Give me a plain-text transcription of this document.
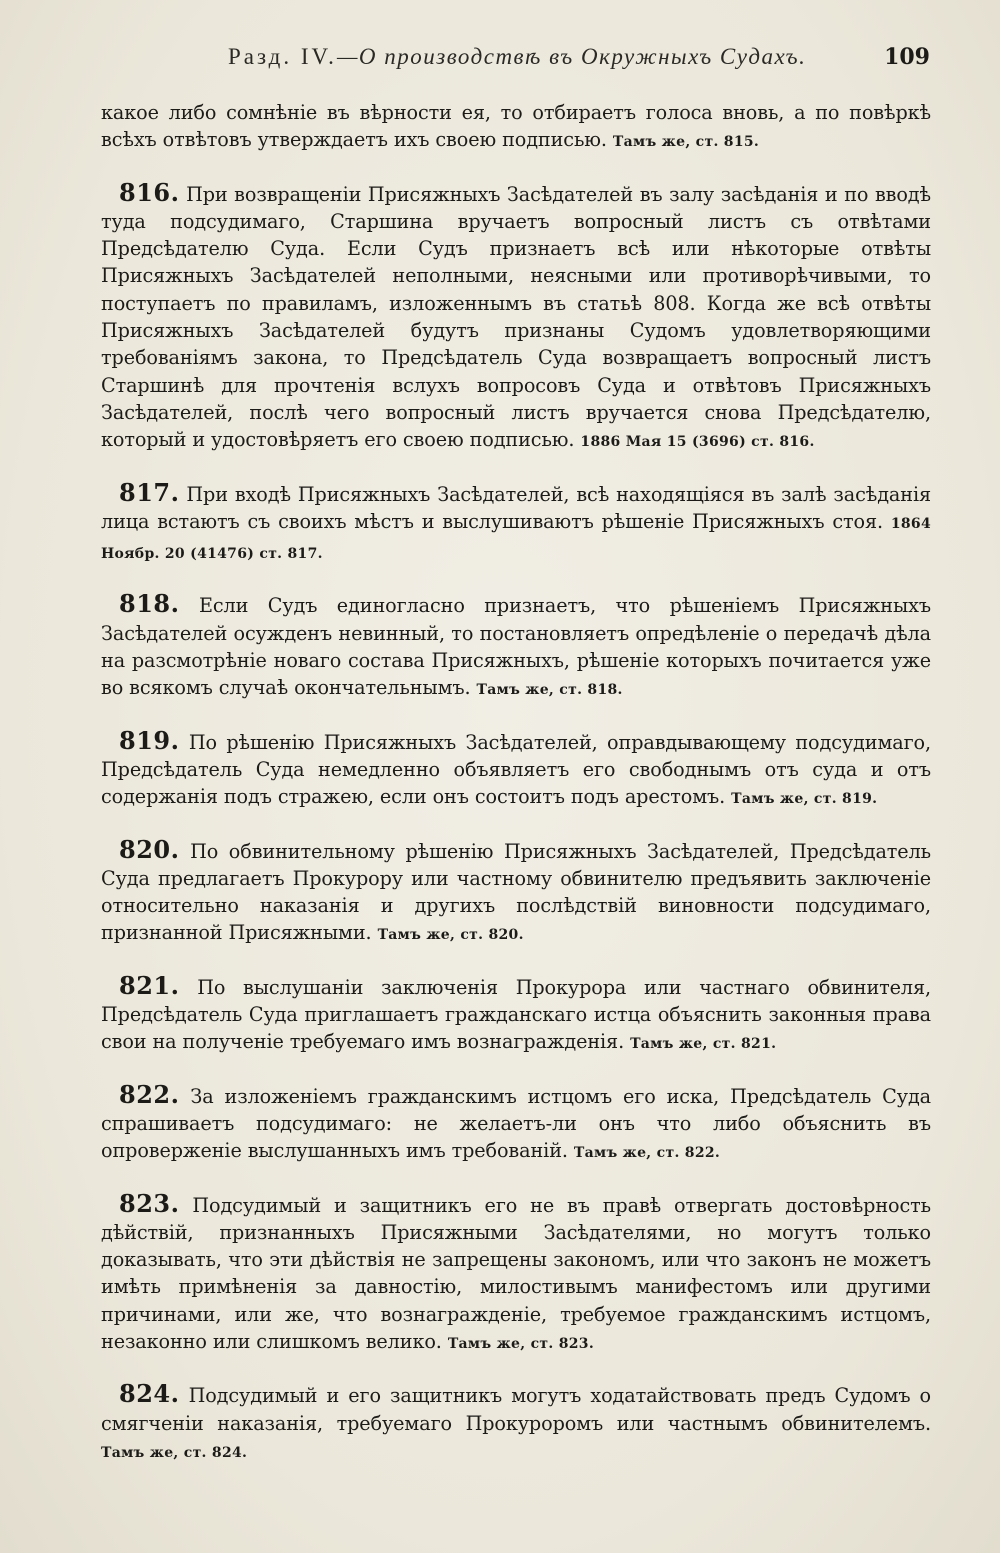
Разд. IV.—О производствѣ въ Окружныхъ Судахъ.	109

какое либо сомнѣніе въ вѣрности ея, то отбираетъ голоса вновь, а по повѣркѣ всѣхъ отвѣтовъ утверждаетъ ихъ своею подписью. Тамъ же, ст. 815.

816. При возвращеніи Присяжныхъ Засѣдателей въ залу засѣданія и по вводѣ туда подсудимаго, Старшина вручаетъ вопросный листъ съ отвѣтами Предсѣдателю Суда. Если Судъ признаетъ всѣ или нѣкоторые отвѣты Присяжныхъ Засѣдателей неполными, неясными или противорѣчивыми, то поступаетъ по правиламъ, изложеннымъ въ статьѣ 808. Когда же всѣ отвѣты Присяжныхъ Засѣдателей будутъ признаны Судомъ удовлетворяющими требованіямъ закона, то Предсѣдатель Суда возвращаетъ вопросный листъ Старшинѣ для прочтенія вслухъ вопросовъ Суда и отвѣтовъ Присяжныхъ Засѣдателей, послѣ чего вопросный листъ вручается снова Предсѣдателю, который и удостовѣряетъ его своею подписью. 1886 Мая 15 (3696) ст. 816.

817. При входѣ Присяжныхъ Засѣдателей, всѣ находящіяся въ залѣ засѣданія лица встаютъ съ своихъ мѣстъ и выслушиваютъ рѣшеніе Присяжныхъ стоя. 1864 Ноябр. 20 (41476) ст. 817.

818. Если Судъ единогласно признаетъ, что рѣшеніемъ Присяжныхъ Засѣдателей осужденъ невинный, то постановляетъ опредѣленіе о передачѣ дѣла на разсмотрѣніе новаго состава Присяжныхъ, рѣшеніе которыхъ почитается уже во всякомъ случаѣ окончательнымъ. Тамъ же, ст. 818.

819. По рѣшенію Присяжныхъ Засѣдателей, оправдывающему подсудимаго, Предсѣдатель Суда немедленно объявляетъ его свободнымъ отъ суда и отъ содержанія подъ стражею, если онъ состоитъ подъ арестомъ. Тамъ же, ст. 819.

820. По обвинительному рѣшенію Присяжныхъ Засѣдателей, Предсѣдатель Суда предлагаетъ Прокурору или частному обвинителю предъявить заключеніе относительно наказанія и другихъ послѣдствій виновности подсудимаго, признанной Присяжными. Тамъ же, ст. 820.

821. По выслушаніи заключенія Прокурора или частнаго обвинителя, Предсѣдатель Суда приглашаетъ гражданскаго истца объяснить законныя права свои на полученіе требуемаго имъ вознагражденія. Тамъ же, ст. 821.

822. За изложеніемъ гражданскимъ истцомъ его иска, Предсѣдатель Суда спрашиваетъ подсудимаго: не желаетъ-ли онъ что либо объяснить въ опроверженіе выслушанныхъ имъ требованій. Тамъ же, ст. 822.

823. Подсудимый и защитникъ его не въ правѣ отвергать достовѣрность дѣйствій, признанныхъ Присяжными Засѣдателями, но могутъ только доказывать, что эти дѣйствія не запрещены закономъ, или что законъ не можетъ имѣть примѣненія за давностію, милостивымъ манифестомъ или другими причинами, или же, что вознагражденіе, требуемое гражданскимъ истцомъ, незаконно или слишкомъ велико. Тамъ же, ст. 823.

824. Подсудимый и его защитникъ могутъ ходатайствовать предъ Судомъ о смягченіи наказанія, требуемаго Прокуроромъ или частнымъ обвинителемъ. Тамъ же, ст. 824.
